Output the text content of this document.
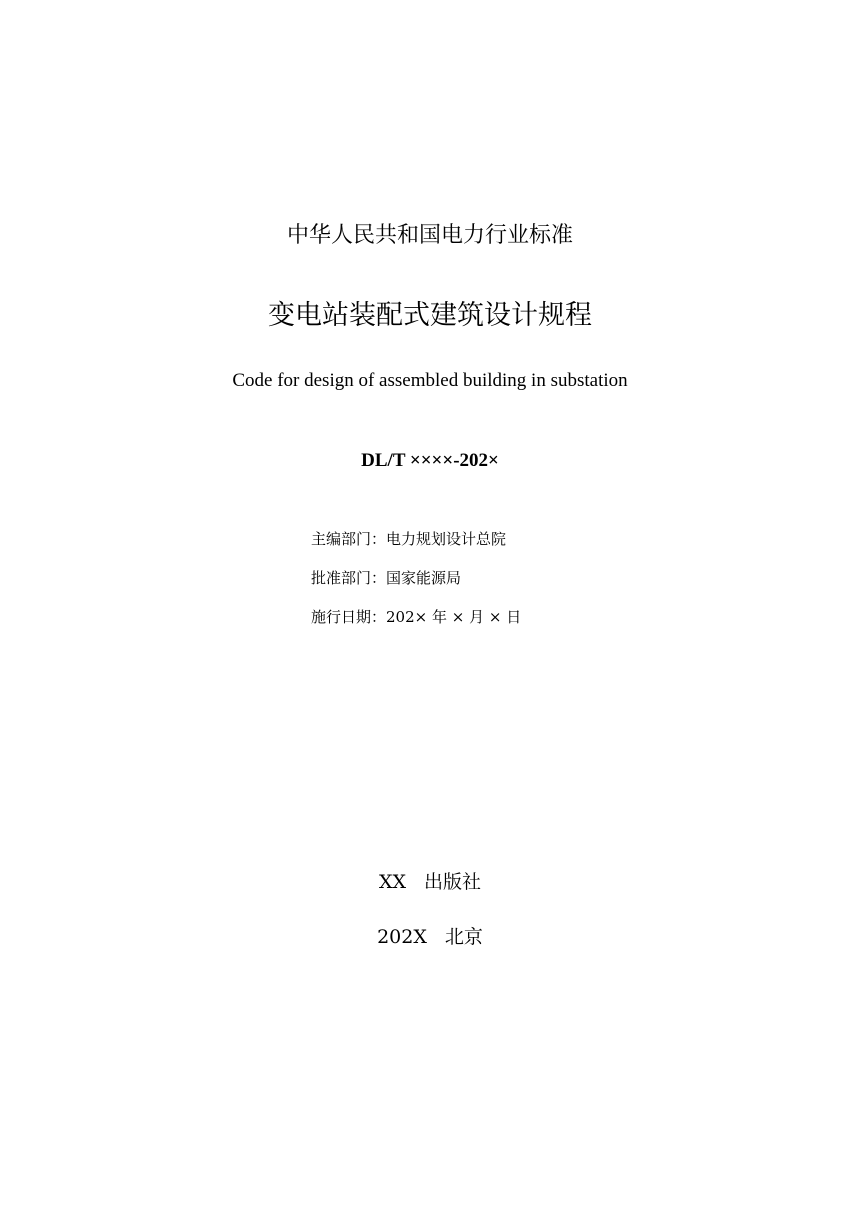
中华人民共和国电力行业标准
变电站装配式建筑设计规程
Code for design of assembled building in substation
DL/T ××××-202×
主编部门：电力规划设计总院
批准部门：国家能源局
施行日期：202× 年 × 月 × 日
XX 出版社
202X 北京
